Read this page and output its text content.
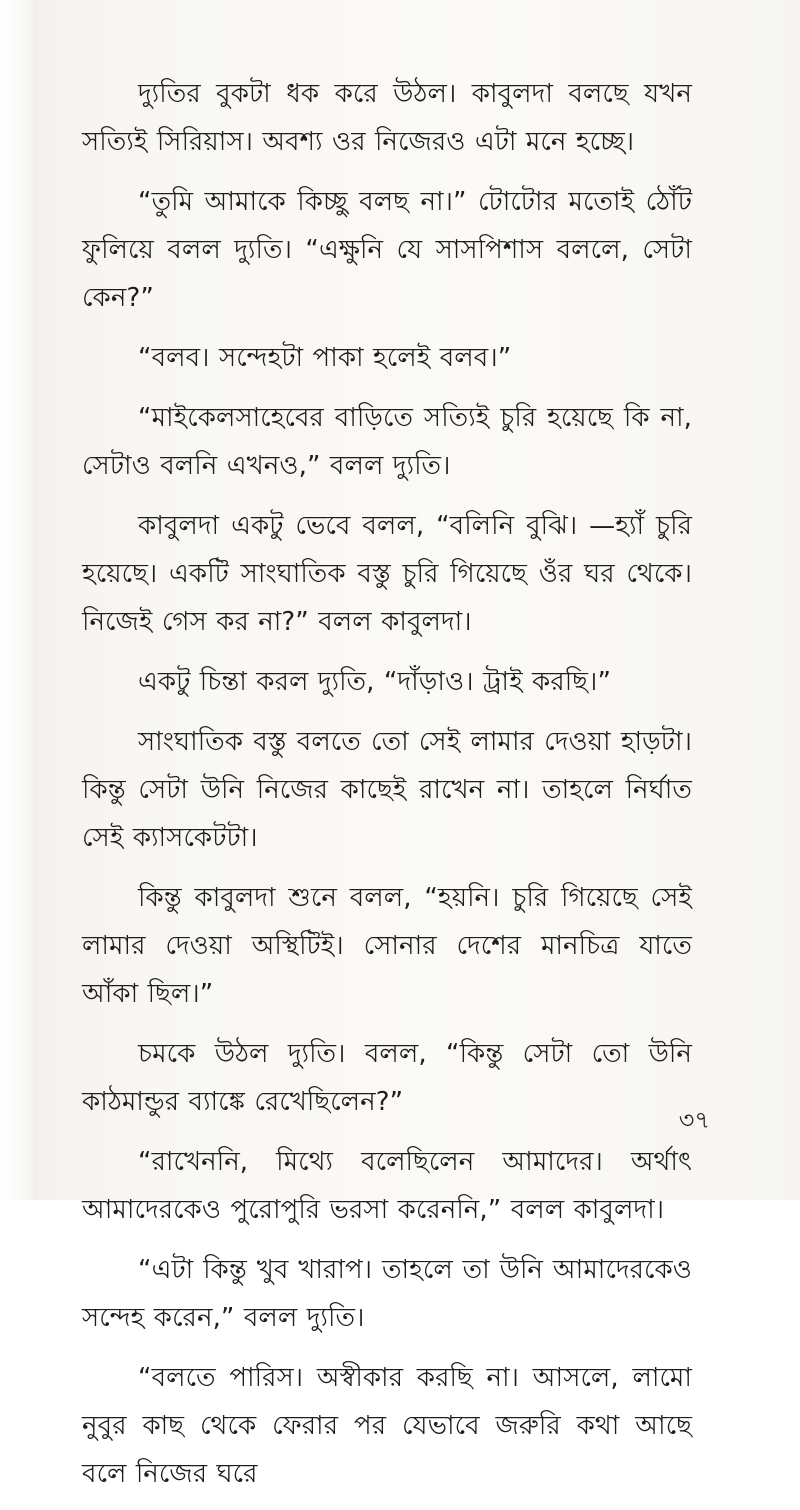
দ্যুতির বুকটা ধক করে উঠল। কাবুলদা বলছে যখন সত্যিই সিরিয়াস। অবশ্য ওর নিজেরও এটা মনে হচ্ছে।

“তুমি আমাকে কিচ্ছু বলছ না।” টোটোর মতোই ঠোঁট ফুলিয়ে বলল দ্যুতি। “এক্ষুনি যে সাসপিশাস বললে, সেটা কেন?”

“বলব। সন্দেহটা পাকা হলেই বলব।”

“মাইকেলসাহেবের বাড়িতে সত্যিই চুরি হয়েছে কি না, সেটাও বলনি এখনও,” বলল দ্যুতি।

কাবুলদা একটু ভেবে বলল, “বলিনি বুঝি। —হ্যাঁ চুরি হয়েছে। একটি সাংঘাতিক বস্তু চুরি গিয়েছে ওঁর ঘর থেকে। নিজেই গেস কর না?” বলল কাবুলদা।

একটু চিন্তা করল দ্যুতি, “দাঁড়াও। ট্রাই করছি।”

সাংঘাতিক বস্তু বলতে তো সেই লামার দেওয়া হাড়টা। কিন্তু সেটা উনি নিজের কাছেই রাখেন না। তাহলে নির্ঘাত সেই ক্যাসকেটটা।

কিন্তু কাবুলদা শুনে বলল, “হয়নি। চুরি গিয়েছে সেই লামার দেওয়া অস্থিটিই। সোনার দেশের মানচিত্র যাতে আঁকা ছিল।”

চমকে উঠল দ্যুতি। বলল, “কিন্তু সেটা তো উনি কাঠমান্ডুর ব্যাঙ্কে রেখেছিলেন?”

“রাখেননি, মিথ্যে বলেছিলেন আমাদের। অর্থাৎ আমাদেরকেও পুরোপুরি ভরসা করেননি,” বলল কাবুলদা।

“এটা কিন্তু খুব খারাপ। তাহলে তা উনি আমাদেরকেও সন্দেহ করেন,” বলল দ্যুতি।

“বলতে পারিস। অস্বীকার করছি না। আসলে, লামো নুবুর কাছ থেকে ফেরার পর যেভাবে জরুরি কথা আছে বলে নিজের ঘরে

৩৭
